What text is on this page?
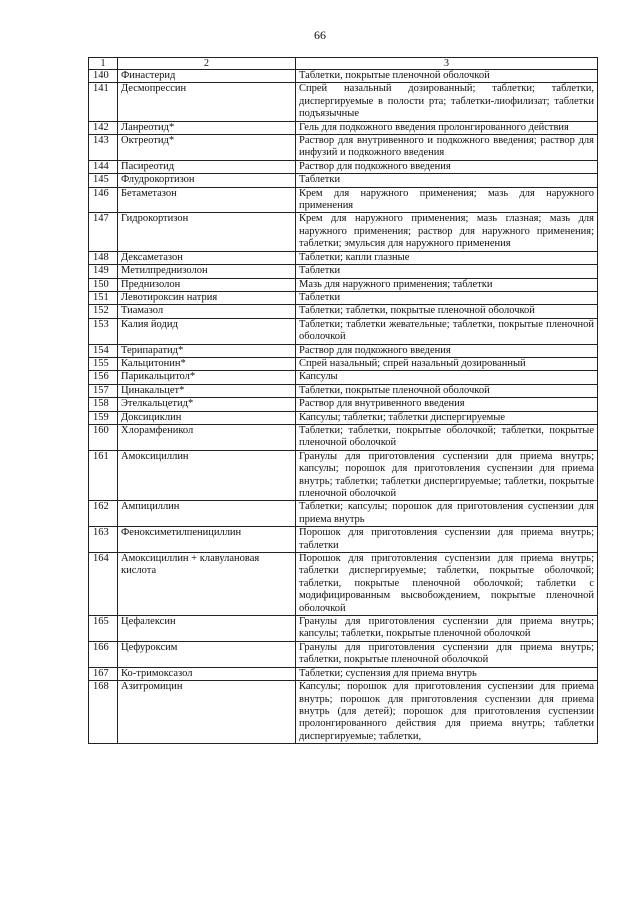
66
1	2	3
140	Финастерид	Таблетки, покрытые пленочной оболочкой
141	Десмопрессин	Спрей назальный дозированный; таблетки; таблетки, диспергируемые в полости рта; таблетки-лиофилизат; таблетки подъязычные
142	Ланреотид*	Гель для подкожного введения пролонгированного действия
143	Октреотид*	Раствор для внутривенного и подкожного введения; раствор для инфузий и подкожного введения
144	Пасиреотид	Раствор для подкожного введения
145	Флудрокортизон	Таблетки
146	Бетаметазон	Крем для наружного применения; мазь для наружного применения
147	Гидрокортизон	Крем для наружного применения; мазь глазная; мазь для наружного применения; раствор для наружного применения; таблетки; эмульсия для наружного применения
148	Дексаметазон	Таблетки; капли глазные
149	Метилпреднизолон	Таблетки
150	Преднизолон	Мазь для наружного применения; таблетки
151	Левотироксин натрия	Таблетки
152	Тиамазол	Таблетки; таблетки, покрытые пленочной оболочкой
153	Калия йодид	Таблетки; таблетки жевательные; таблетки, покрытые пленочной оболочкой
154	Терипаратид*	Раствор для подкожного введения
155	Кальцитонин*	Спрей назальный; спрей назальный дозированный
156	Парикальцитол*	Капсулы
157	Цинакальцет*	Таблетки, покрытые пленочной оболочкой
158	Этелкальцетид*	Раствор для внутривенного введения
159	Доксициклин	Капсулы; таблетки; таблетки диспергируемые
160	Хлорамфеникол	Таблетки; таблетки, покрытые оболочкой; таблетки, покрытые пленочной оболочкой
161	Амоксициллин	Гранулы для приготовления суспензии для приема внутрь; капсулы; порошок для приготовления суспензии для приема внутрь; таблетки; таблетки диспергируемые; таблетки, покрытые пленочной оболочкой
162	Ампициллин	Таблетки; капсулы; порошок для приготовления суспензии для приема внутрь
163	Феноксиметилпенициллин	Порошок для приготовления суспензии для приема внутрь; таблетки
164	Амоксициллин + клавулановая кислота	Порошок для приготовления суспензии для приема внутрь; таблетки диспергируемые; таблетки, покрытые оболочкой; таблетки, покрытые пленочной оболочкой; таблетки с модифицированным высвобождением, покрытые пленочной оболочкой
165	Цефалексин	Гранулы для приготовления суспензии для приема внутрь; капсулы; таблетки, покрытые пленочной оболочкой
166	Цефуроксим	Гранулы для приготовления суспензии для приема внутрь; таблетки, покрытые пленочной оболочкой
167	Ко-тримоксазол	Таблетки; суспензия для приема внутрь
168	Азитромицин	Капсулы; порошок для приготовления суспензии для приема внутрь; порошок для приготовления суспензии для приема внутрь (для детей); порошок для приготовления суспензии пролонгированного действия для приема внутрь; таблетки диспергируемые; таблетки,
